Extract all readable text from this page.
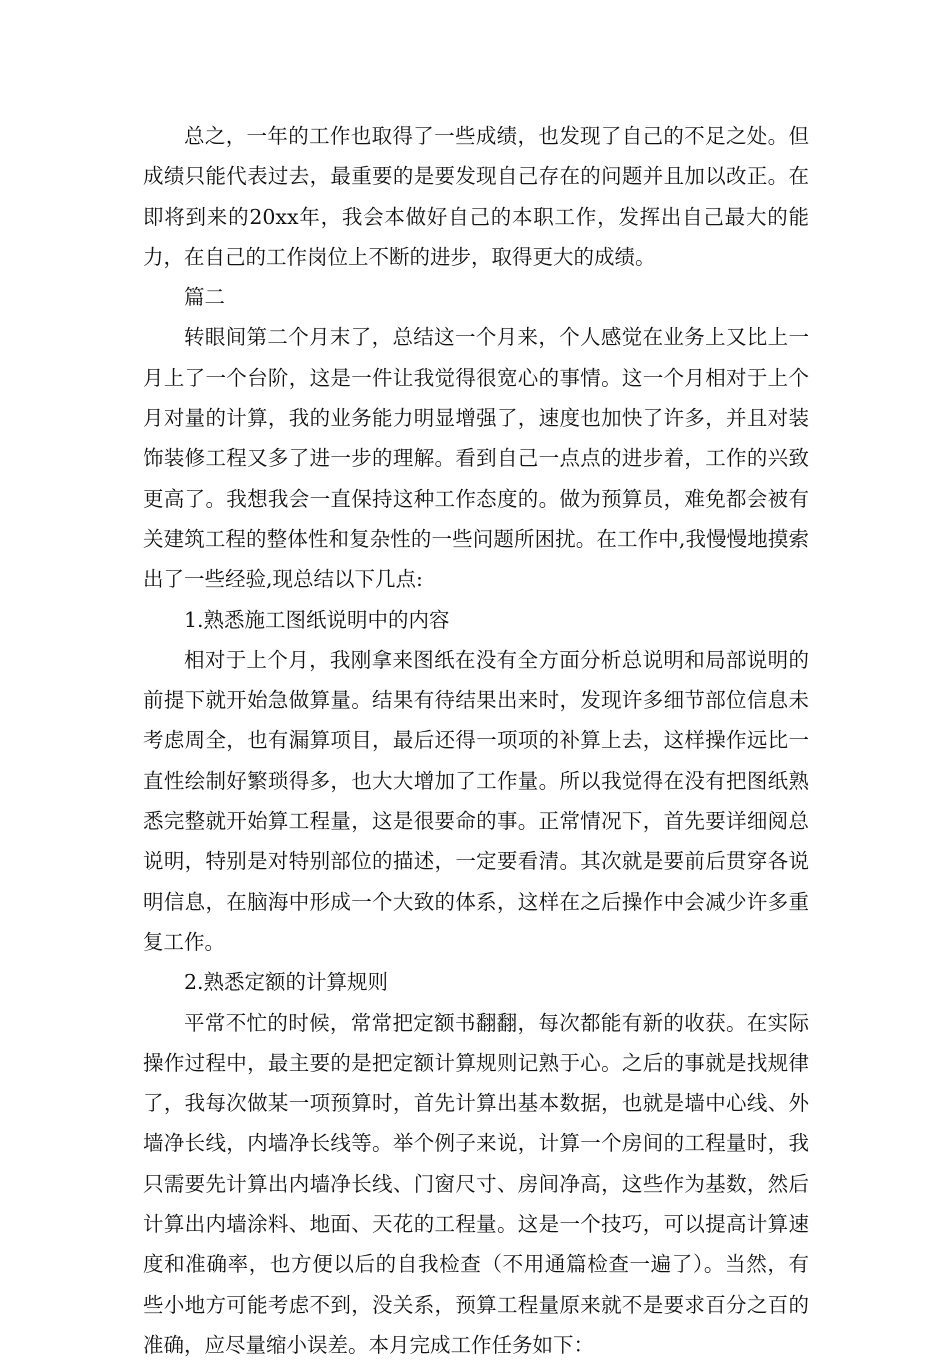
总之，一年的工作也取得了一些成绩，也发现了自己的不足之处。但成绩只能代表过去，最重要的是要发现自己存在的问题并且加以改正。在即将到来的20xx年，我会本做好自己的本职工作，发挥出自己最大的能力，在自己的工作岗位上不断的进步，取得更大的成绩。

篇二

转眼间第二个月末了，总结这一个月来，个人感觉在业务上又比上一月上了一个台阶，这是一件让我觉得很宽心的事情。这一个月相对于上个月对量的计算，我的业务能力明显增强了，速度也加快了许多，并且对装饰装修工程又多了进一步的理解。看到自己一点点的进步着，工作的兴致更高了。我想我会一直保持这种工作态度的。做为预算员，难免都会被有关建筑工程的整体性和复杂性的一些问题所困扰。在工作中,我慢慢地摸索出了一些经验,现总结以下几点:

1.熟悉施工图纸说明中的内容

相对于上个月，我刚拿来图纸在没有全方面分析总说明和局部说明的前提下就开始急做算量。结果有待结果出来时，发现许多细节部位信息未考虑周全，也有漏算项目，最后还得一项项的补算上去，这样操作远比一直性绘制好繁琐得多，也大大增加了工作量。所以我觉得在没有把图纸熟悉完整就开始算工程量，这是很要命的事。正常情况下，首先要详细阅总说明，特别是对特别部位的描述，一定要看清。其次就是要前后贯穿各说明信息，在脑海中形成一个大致的体系，这样在之后操作中会减少许多重复工作。

2.熟悉定额的计算规则

平常不忙的时候，常常把定额书翻翻，每次都能有新的收获。在实际操作过程中，最主要的是把定额计算规则记熟于心。之后的事就是找规律了，我每次做某一项预算时，首先计算出基本数据，也就是墙中心线、外墙净长线，内墙净长线等。举个例子来说，计算一个房间的工程量时，我只需要先计算出内墙净长线、门窗尺寸、房间净高，这些作为基数，然后计算出内墙涂料、地面、天花的工程量。这是一个技巧，可以提高计算速度和准确率，也方便以后的自我检查（不用通篇检查一遍了）。当然，有些小地方可能考虑不到，没关系，预算工程量原来就不是要求百分之百的准确，应尽量缩小误差。本月完成工作任务如下：
